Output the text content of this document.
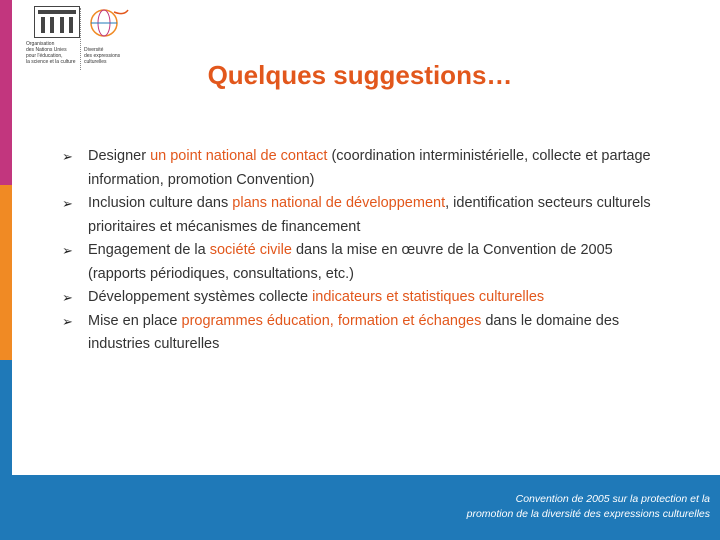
Organisation
des Nations Unies
pour l'éducation,
la science et la culture
Diversité
des expressions
culturelles	Quelques suggestions…
➢ Designer un point national de contact (coordination interministérielle, collecte et partage information, promotion Convention)
➢ Inclusion culture dans plans national de développement, identification secteurs culturels prioritaires et mécanismes de financement
➢ Engagement de la société civile dans la mise en œuvre de la Convention de 2005 (rapports périodiques, consultations, etc.)
➢ Développement systèmes collecte indicateurs et statistiques culturelles
➢ Mise en place programmes éducation, formation et échanges dans le domaine des industries culturelles
Convention de 2005 sur la protection et la
promotion de la diversité des expressions culturelles
